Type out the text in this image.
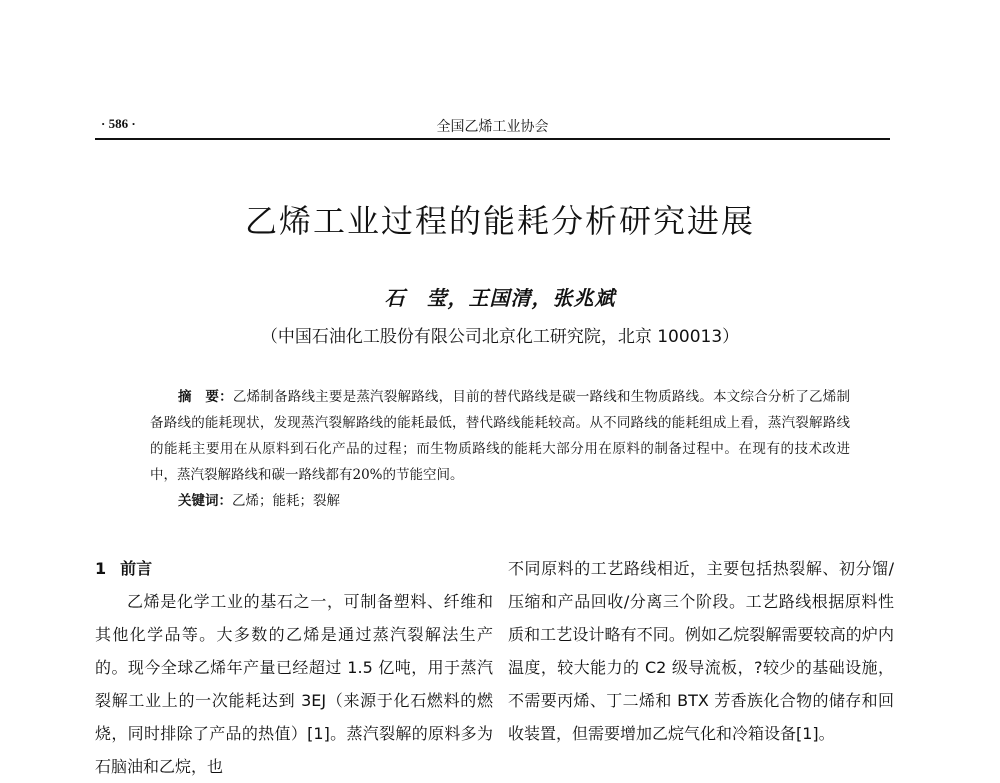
· 586 ·	全国乙烯工业协会
乙烯工业过程的能耗分析研究进展
石　莹，王国清，张兆斌
（中国石油化工股份有限公司北京化工研究院，北京 100013）

摘　要：乙烯制备路线主要是蒸汽裂解路线，目前的替代路线是碳一路线和生物质路线。本文综合分析了乙烯制备路线的能耗现状，发现蒸汽裂解路线的能耗最低，替代路线能耗较高。从不同路线的能耗组成上看，蒸汽裂解路线的能耗主要用在从原料到石化产品的过程；而生物质路线的能耗大部分用在原料的制备过程中。在现有的技术改进中，蒸汽裂解路线和碳一路线都有20%的节能空间。

关键词：乙烯；能耗；裂解

1 前言

乙烯是化学工业的基石之一，可制备塑料、纤维和其他化学品等。大多数的乙烯是通过蒸汽裂解法生产的。现今全球乙烯年产量已经超过 1.5 亿吨，用于蒸汽裂解工业上的一次能耗达到 3EJ（来源于化石燃料的燃烧，同时排除了产品的热值）[1]。蒸汽裂解的原料多为石脑油和乙烷，也

不同原料的工艺路线相近，主要包括热裂解、初分馏/压缩和产品回收/分离三个阶段。工艺路线根据原料性质和工艺设计略有不同。例如乙烷裂解需要较高的炉内温度，较大能力的 C2 级导流板，?较少的基础设施，不需要丙烯、丁二烯和 BTX 芳香族化合物的储存和回收装置，但需要增加乙烷气化和冷箱设备[1]。
